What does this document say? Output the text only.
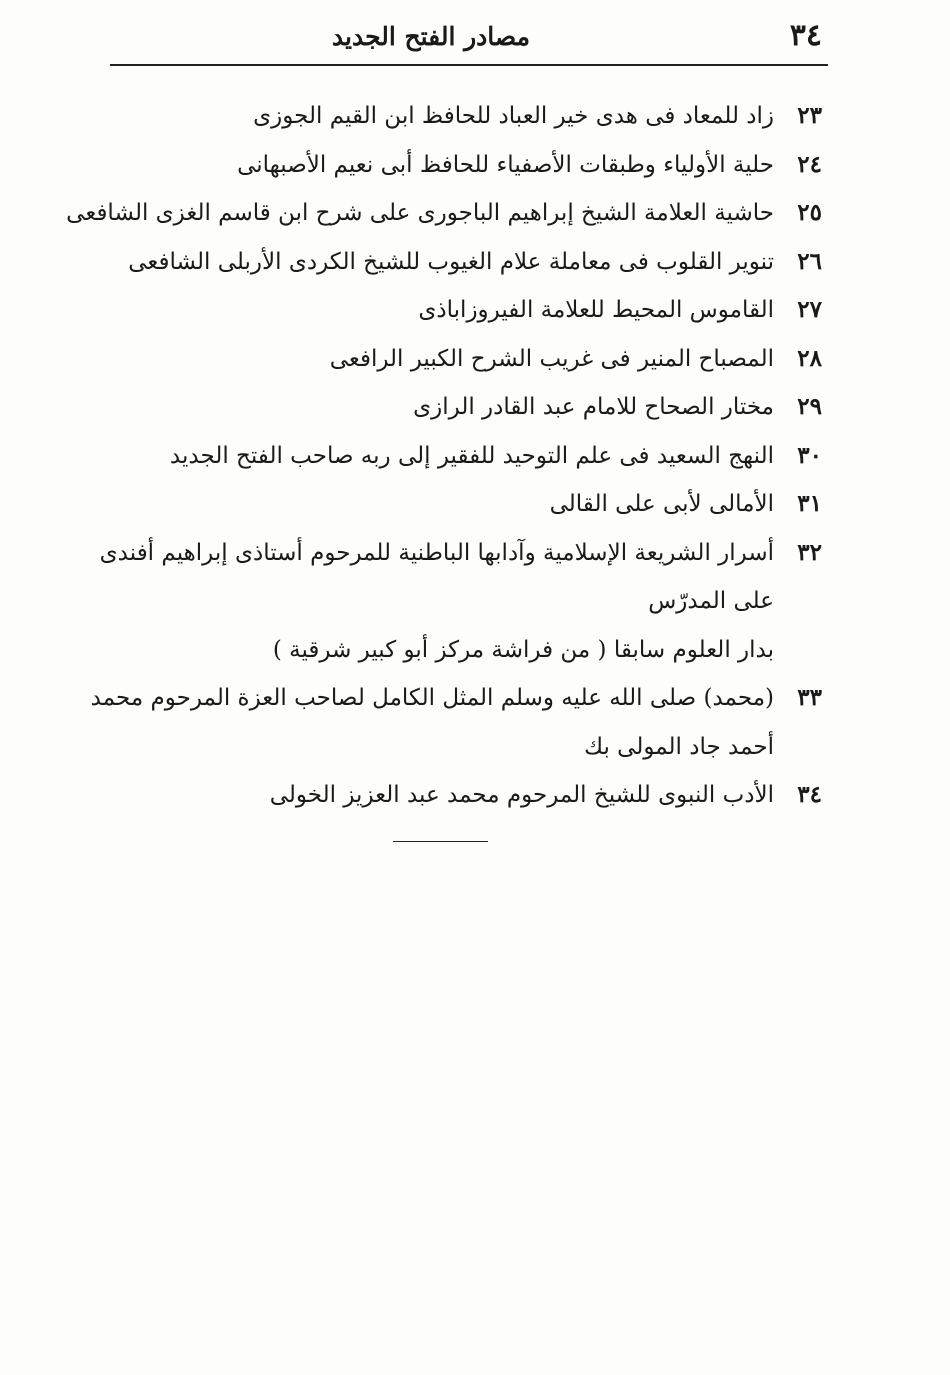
٣٤
مصادر الفتح الجديد
٢٣
زاد للمعاد فى هدى خير العباد للحافظ ابن القيم الجوزى
٢٤
حلية الأولياء وطبقات الأصفياء للحافظ أبى نعيم الأصبهانى
٢٥
حاشية العلامة الشيخ إبراهيم الباجورى على شرح ابن قاسم الغزى الشافعى
٢٦
تنوير القلوب فى معاملة علام الغيوب للشيخ الكردى الأربلى الشافعى
٢٧
القاموس المحيط للعلامة الفيروزاباذى
٢٨
المصباح المنير فى غريب الشرح الكبير الرافعى
٢٩
مختار الصحاح للامام عبد القادر الرازى
٣٠
النهج السعيد فى علم التوحيد للفقير إلى ربه صاحب الفتح الجديد
٣١
الأمالى لأبى على القالى
٣٢
أسرار الشريعة الإسلامية وآدابها الباطنية للمرحوم أستاذى إبراهيم أفندى على المدرّس
بدار العلوم سابقا ( من فراشة مركز أبو كبير شرقية )
٣٣
(محمد) صلى الله عليه وسلم المثل الكامل لصاحب العزة المرحوم محمد أحمد جاد المولى بك
٣٤
الأدب النبوى للشيخ المرحوم محمد عبد العزيز الخولى
